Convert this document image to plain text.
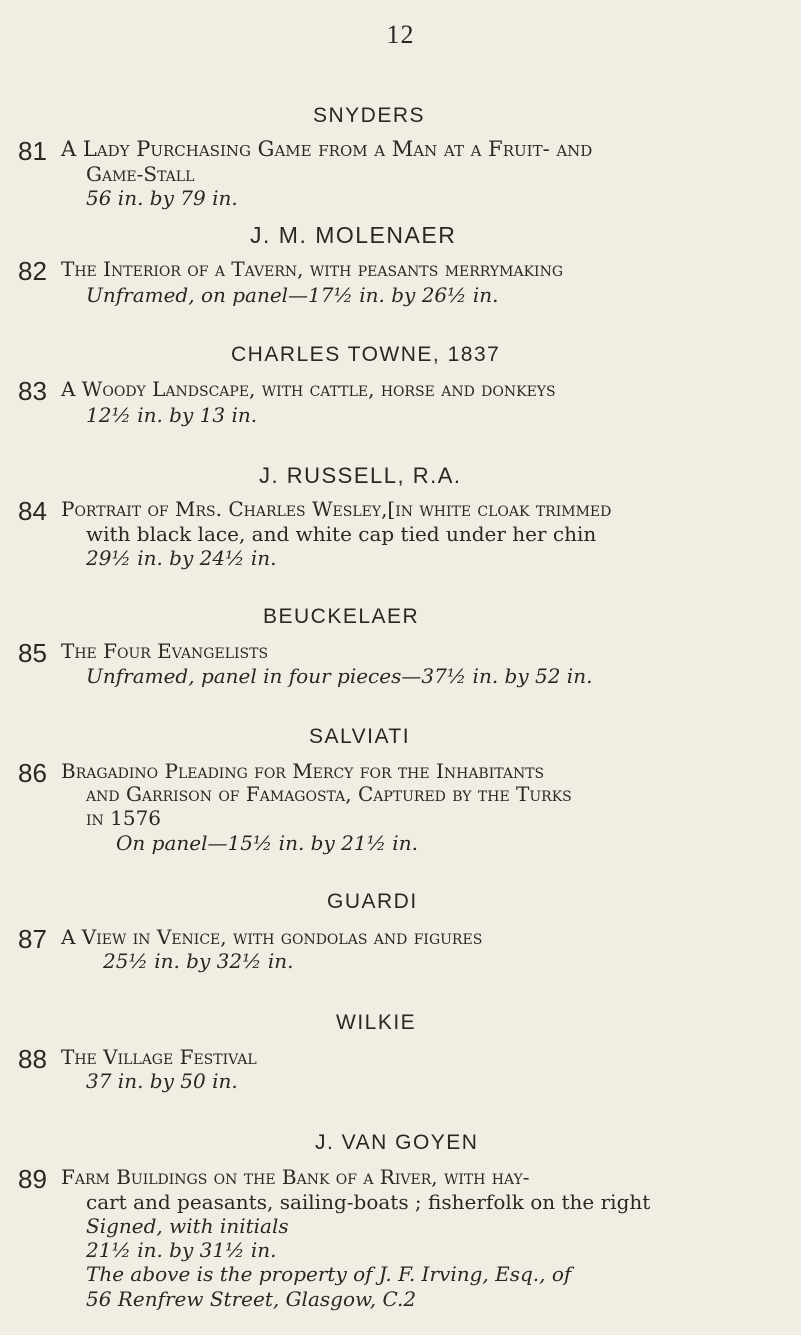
12
81
SNYDERS
A Lady Purchasing Game from a Man at a Fruit- and
Game-Stall
56 in. by 79 in.
82
J. M. MOLENAER
The Interior of a Tavern, with peasants merrymaking
Unframed, on panel—17½ in. by 26½ in.
83
CHARLES TOWNE, 1837
A Woody Landscape, with cattle, horse and donkeys
12½ in. by 13 in.
84
J. RUSSELL, R.A.
Portrait of Mrs. Charles Wesley,[in white cloak trimmed
with black lace, and white cap tied under her chin
29½ in. by 24½ in.
85
BEUCKELAER
The Four Evangelists
Unframed, panel in four pieces—37½ in. by 52 in.
86
SALVIATI
Bragadino Pleading for Mercy for the Inhabitants
and Garrison of Famagosta, Captured by the Turks
in 1576
On panel—15½ in. by 21½ in.
87
GUARDI
A View in Venice, with gondolas and figures
25½ in. by 32½ in.
88
WILKIE
The Village Festival
37 in. by 50 in.
89
J. VAN GOYEN
Farm Buildings on the Bank of a River, with hay-
cart and peasants, sailing-boats ; fisherfolk on the right
Signed, with initials
21½ in. by 31½ in.
The above is the property of J. F. Irving, Esq., of
56 Renfrew Street, Glasgow, C.2
